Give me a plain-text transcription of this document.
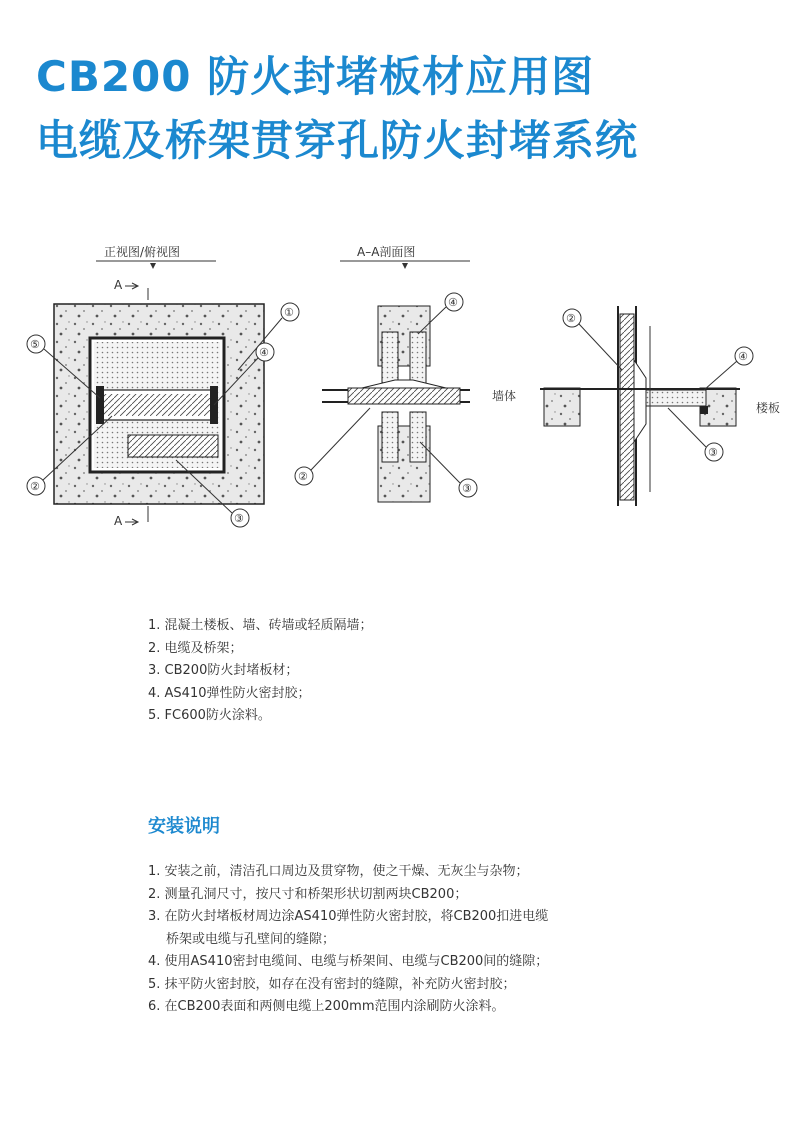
CB200 防火封堵板材应用图
电缆及桥架贯穿孔防火封堵系统
正视图/俯视图
A
A
①
④
⑤
②
③
A–A剖面图
墙体
④
②
③
楼板
②
④
③
1. 混凝土楼板、墙、砖墙或轻质隔墙；
2. 电缆及桥架；
3. CB200防火封堵板材；
4. AS410弹性防火密封胶；
5. FC600防火涂料。
安装说明
1. 安装之前，清洁孔口周边及贯穿物，使之干燥、无灰尘与杂物；
2. 测量孔洞尺寸，按尺寸和桥架形状切割两块CB200；
3. 在防火封堵板材周边涂AS410弹性防火密封胶，将CB200扣进电缆
桥架或电缆与孔壁间的缝隙；
4. 使用AS410密封电缆间、电缆与桥架间、电缆与CB200间的缝隙；
5. 抹平防火密封胶，如存在没有密封的缝隙，补充防火密封胶；
6. 在CB200表面和两侧电缆上200mm范围内涂刷防火涂料。
